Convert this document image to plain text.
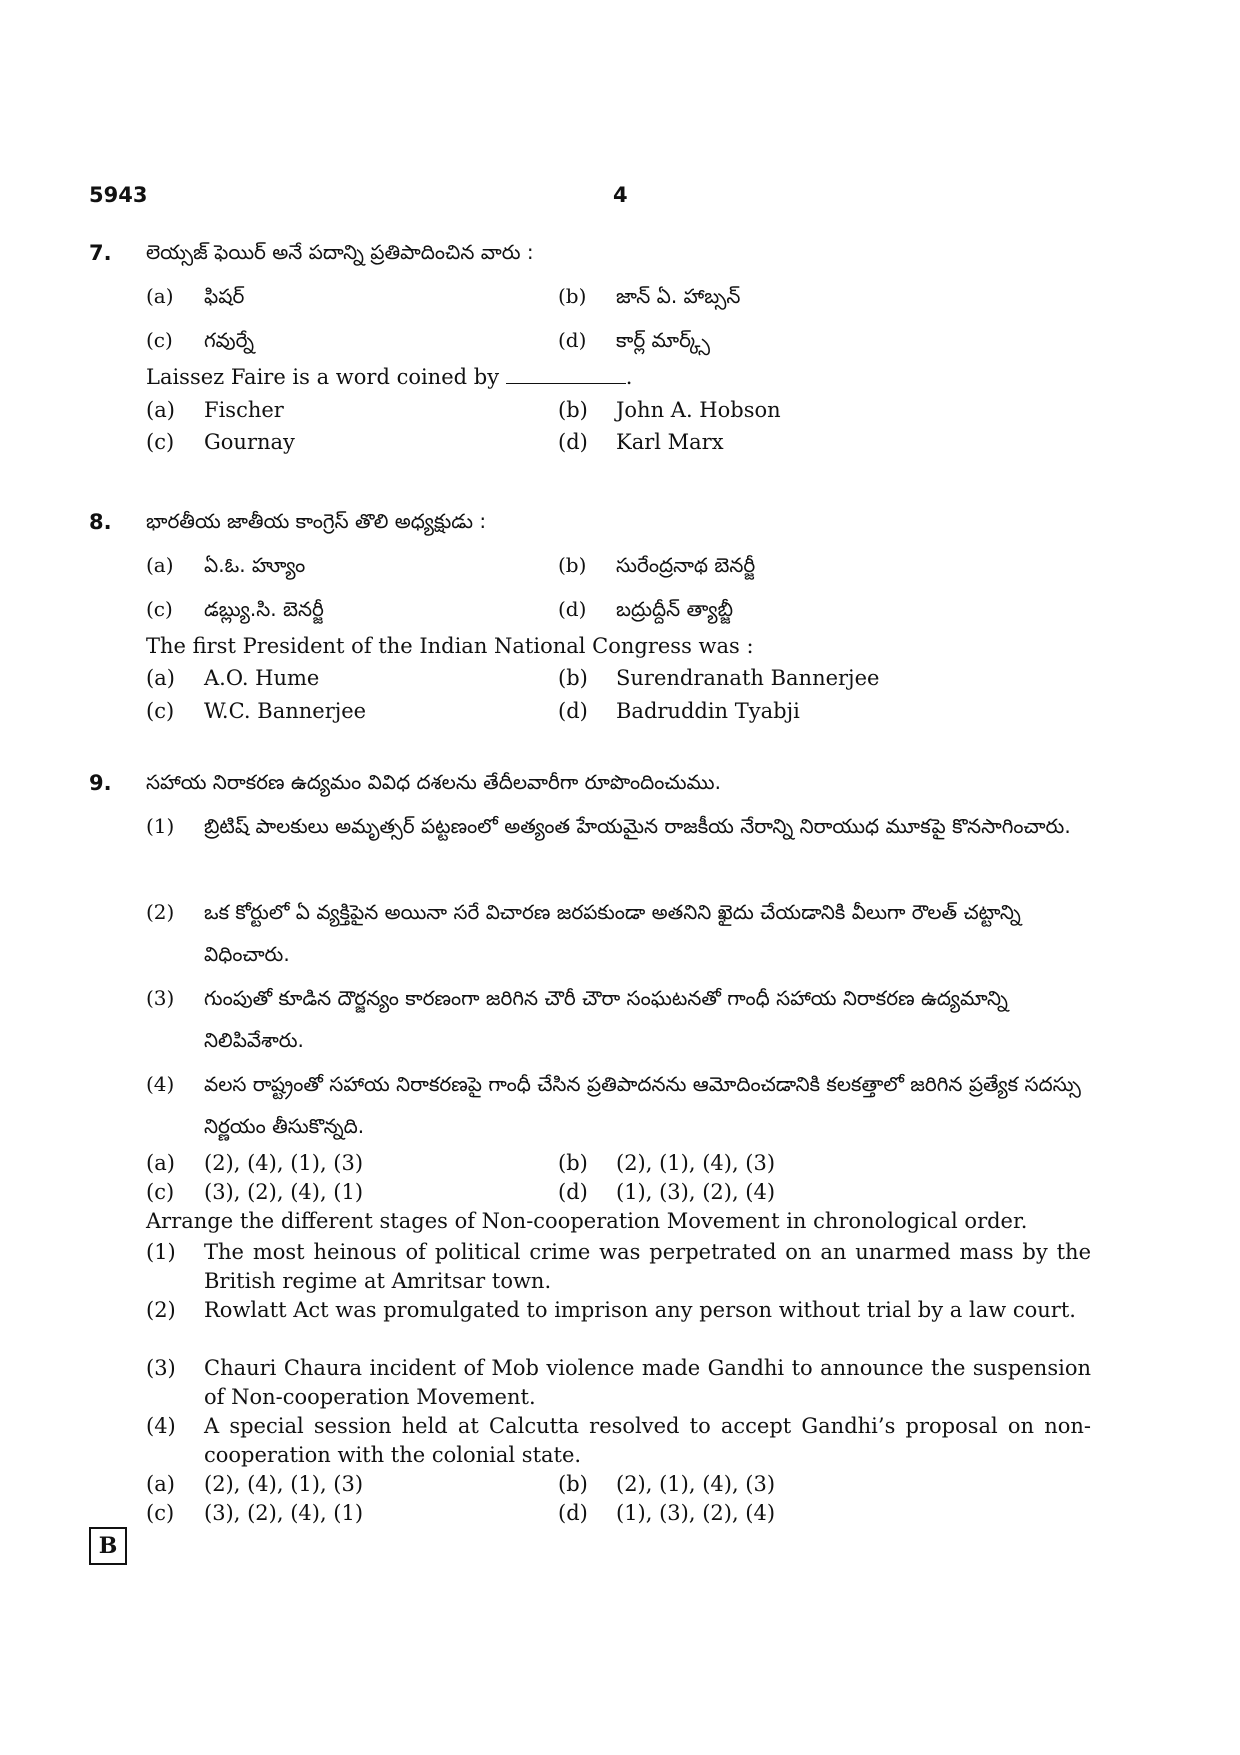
5943	4
7. లెయ్సజ్ ఫెయిర్ అనే పదాన్ని ప్రతిపాదించిన వారు :
(a) ఫిషర్	(b) జాన్ ఏ. హాబ్సన్
(c) గవుర్నే	(d) కార్ల్ మార్క్స్
Laissez Faire is a word coined by	.
(a) Fischer	(b) John A. Hobson
(c) Gournay	(d) Karl Marx
8. భారతీయ జాతీయ కాంగ్రెస్ తొలి అధ్యక్షుడు :
(a) ఏ.ఓ. హ్యూం	(b) సురేంద్రనాథ బెనర్జీ
(c) డబ్ల్యు.సి. బెనర్జీ	(d) బద్రుద్దీన్ త్యాబ్జీ
The first President of the Indian National Congress was :
(a) A.O. Hume	(b) Surendranath Bannerjee
(c) W.C. Bannerjee	(d) Badruddin Tyabji
9. సహాయ నిరాకరణ ఉద్యమం వివిధ దశలను తేదీలవారీగా రూపొందించుము.
(1) బ్రిటిష్ పాలకులు అమృత్సర్ పట్టణంలో అత్యంత హేయమైన రాజకీయ నేరాన్ని నిరాయుధ మూకపై కొనసాగించారు.
(2) ఒక కోర్టులో ఏ వ్యక్తిపైన అయినా సరే విచారణ జరపకుండా అతనిని ఖైదు చేయడానికి వీలుగా రౌలత్ చట్టాన్ని విధించారు.
(3) గుంపుతో కూడిన దౌర్జన్యం కారణంగా జరిగిన చౌరీ చౌరా సంఘటనతో గాంధీ సహాయ నిరాకరణ ఉద్యమాన్ని నిలిపివేశారు.
(4) వలస రాష్ట్రంతో సహాయ నిరాకరణపై గాంధీ చేసిన ప్రతిపాదనను ఆమోదించడానికి కలకత్తాలో జరిగిన ప్రత్యేక సదస్సు నిర్ణయం తీసుకొన్నది.
(a) (2), (4), (1), (3)	(b) (2), (1), (4), (3)
(c) (3), (2), (4), (1)	(d) (1), (3), (2), (4)
Arrange the different stages of Non-cooperation Movement in chronological order.
(1) The most heinous of political crime was perpetrated on an unarmed mass by the British regime at Amritsar town.
(2) Rowlatt Act was promulgated to imprison any person without trial by a law court.
(3) Chauri Chaura incident of Mob violence made Gandhi to announce the suspension of Non-cooperation Movement.
(4) A special session held at Calcutta resolved to accept Gandhi’s proposal on non-cooperation with the colonial state.
(a) (2), (4), (1), (3)	(b) (2), (1), (4), (3)
(c) (3), (2), (4), (1)	(d) (1), (3), (2), (4)
B
